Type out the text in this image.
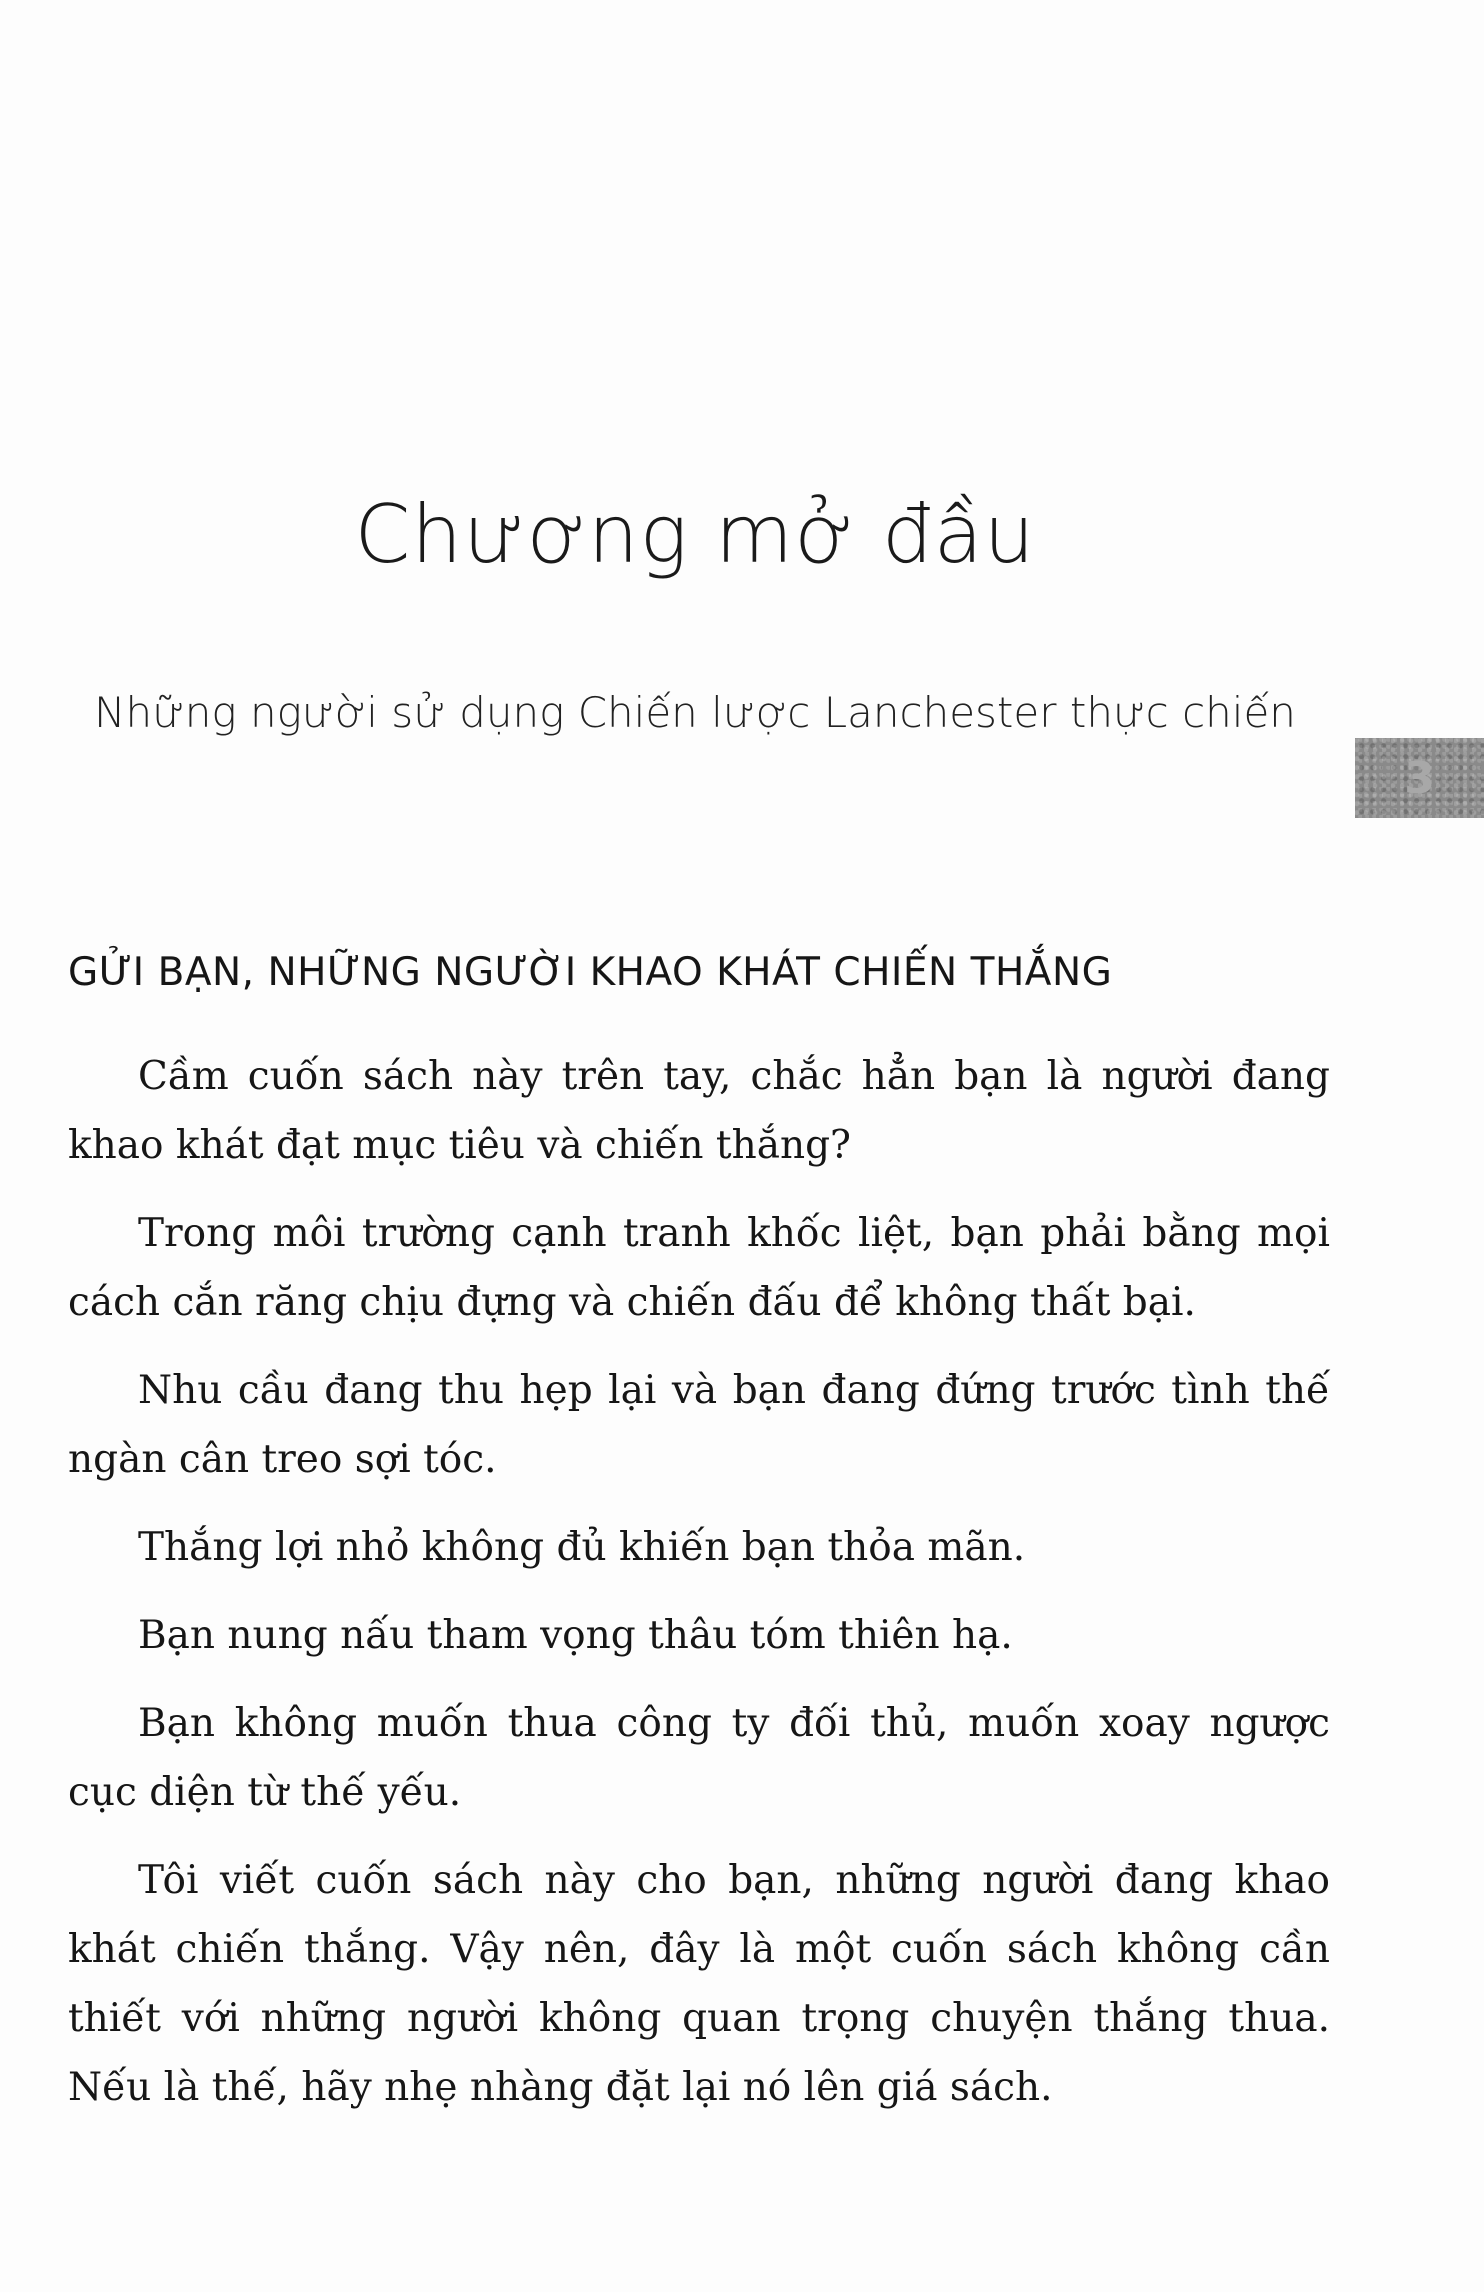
Chương mở đầu
Những người sử dụng Chiến lược Lanchester thực chiến
3
GỬI BẠN, NHỮNG NGƯỜI KHAO KHÁT CHIẾN THẮNG

Cầm cuốn sách này trên tay, chắc hẳn bạn là người đang khao khát đạt mục tiêu và chiến thắng?

Trong môi trường cạnh tranh khốc liệt, bạn phải bằng mọi cách cắn răng chịu đựng và chiến đấu để không thất bại.

Nhu cầu đang thu hẹp lại và bạn đang đứng trước tình thế ngàn cân treo sợi tóc.

Thắng lợi nhỏ không đủ khiến bạn thỏa mãn.

Bạn nung nấu tham vọng thâu tóm thiên hạ.

Bạn không muốn thua công ty đối thủ, muốn xoay ngược cục diện từ thế yếu.

Tôi viết cuốn sách này cho bạn, những người đang khao khát chiến thắng. Vậy nên, đây là một cuốn sách không cần thiết với những người không quan trọng chuyện thắng thua. Nếu là thế, hãy nhẹ nhàng đặt lại nó lên giá sách.
